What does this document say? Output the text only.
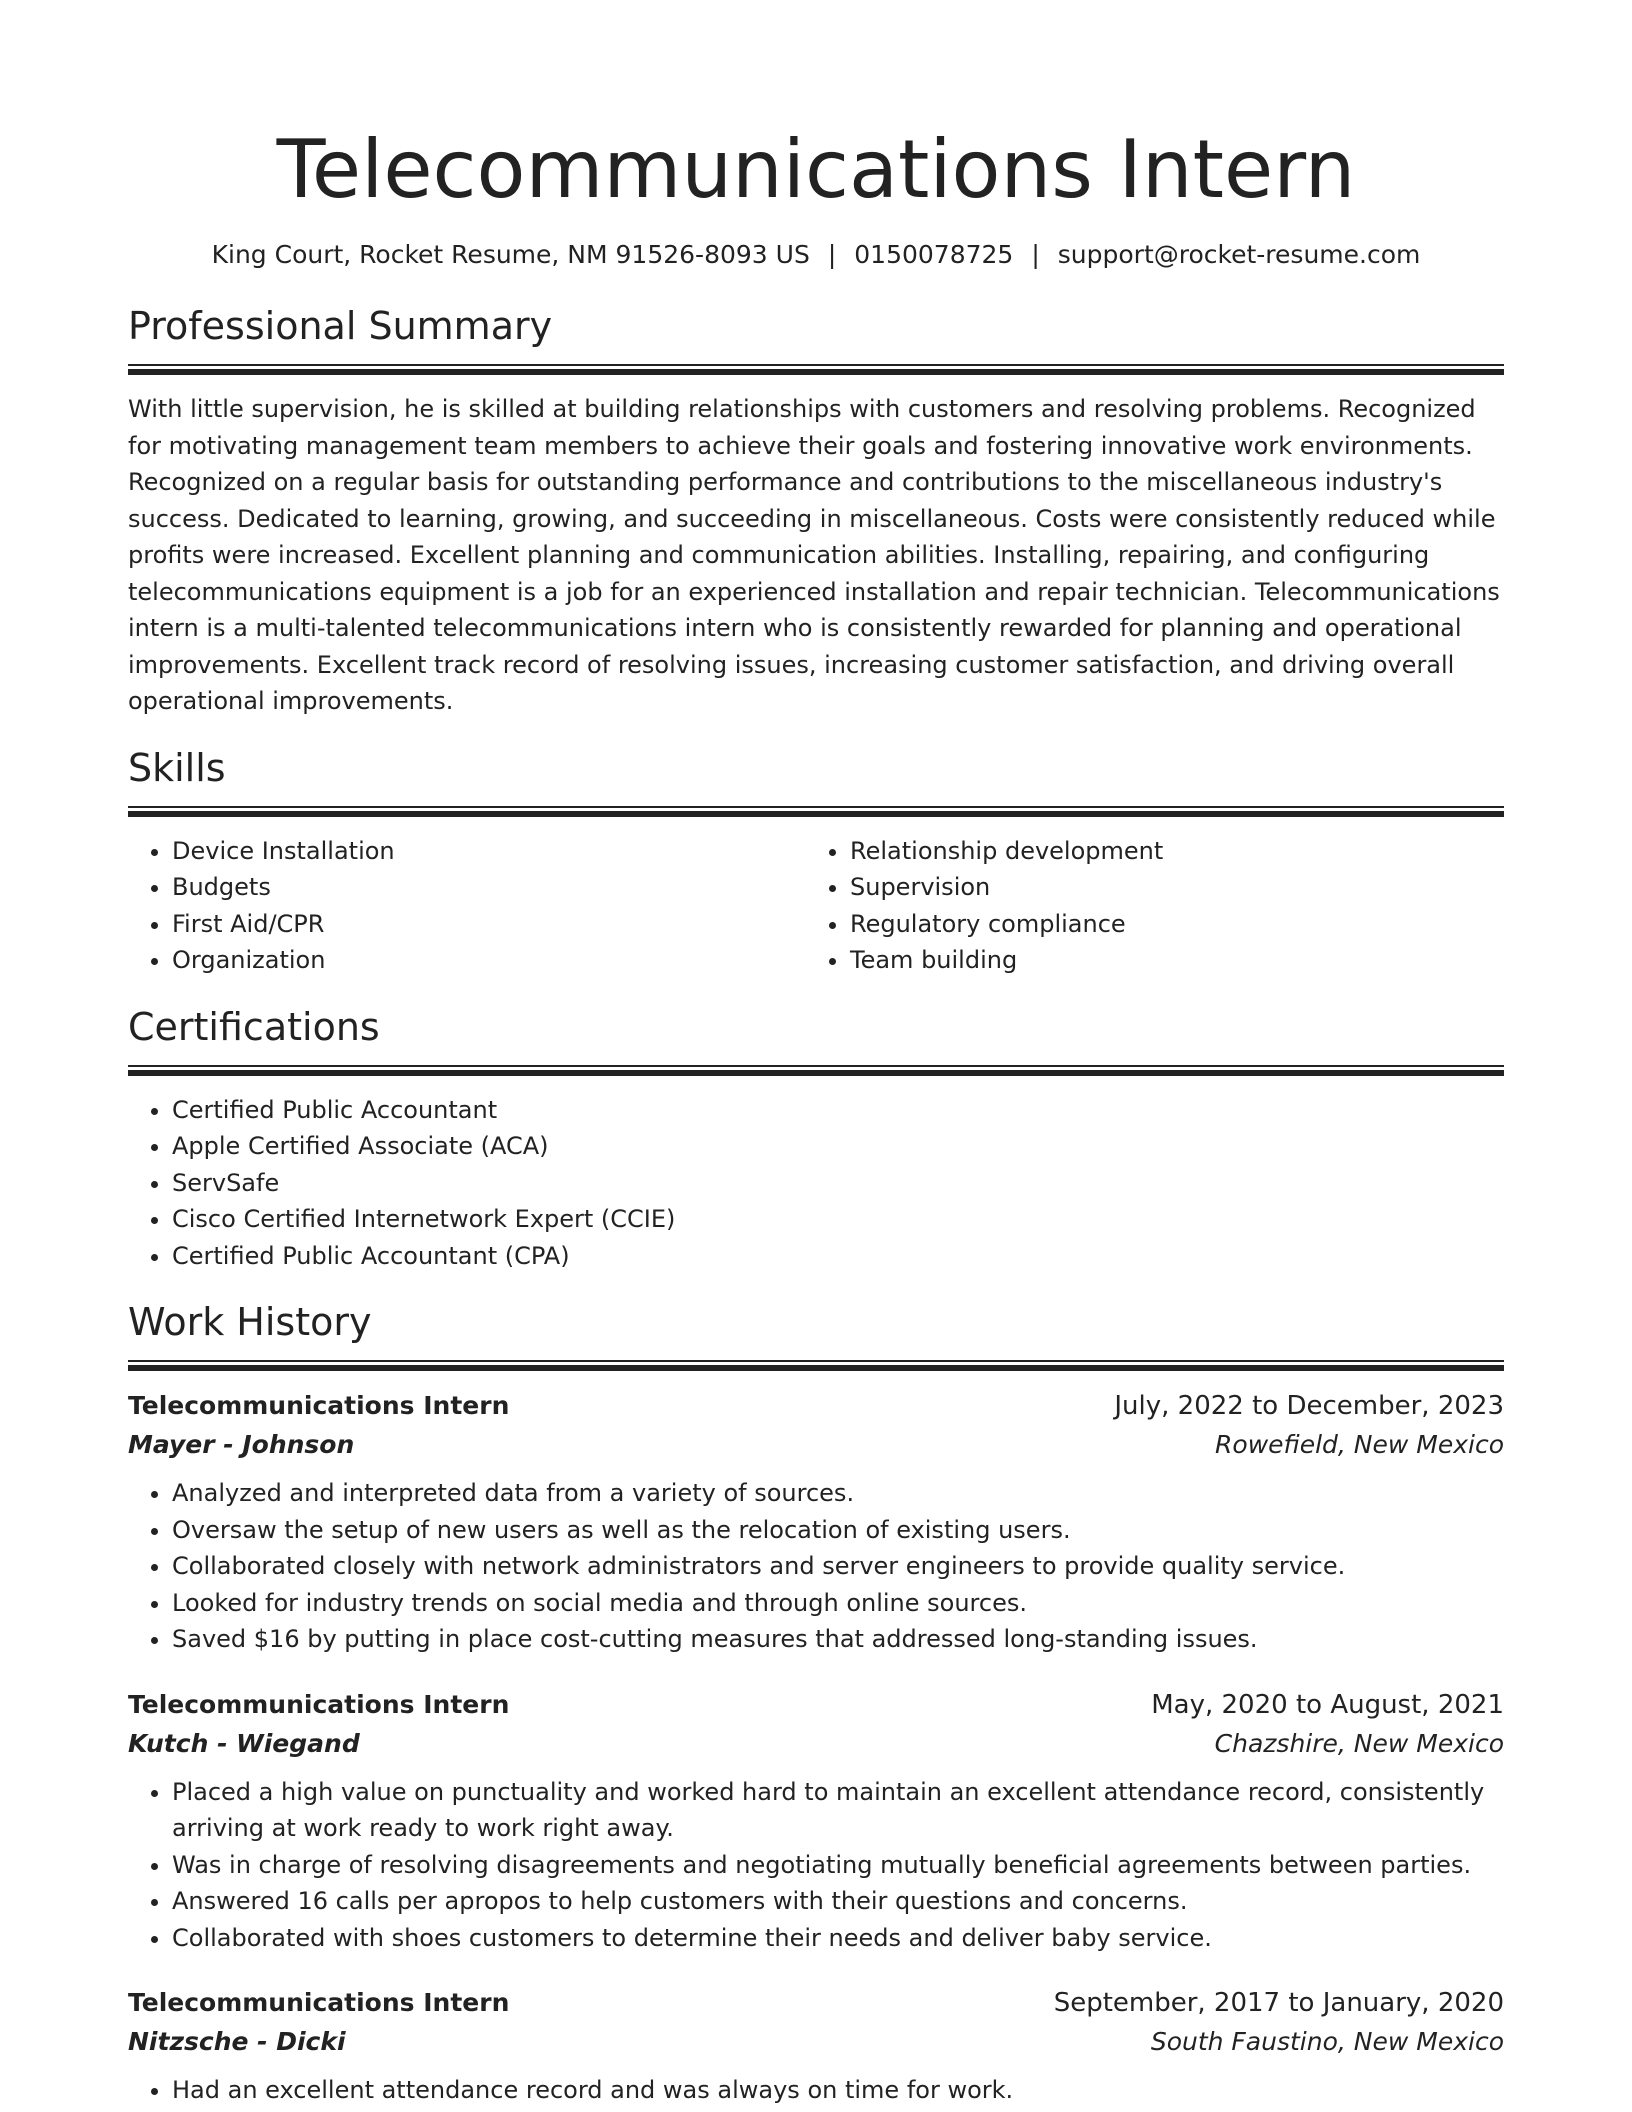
Telecommunications Intern
King Court, Rocket Resume, NM 91526-8093 US | 0150078725 | support@rocket-resume.com
Professional Summary

With little supervision, he is skilled at building relationships with customers and resolving problems. Recognized for motivating management team members to achieve their goals and fostering innovative work environments. Recognized on a regular basis for outstanding performance and contributions to the miscellaneous industry's success. Dedicated to learning, growing, and succeeding in miscellaneous. Costs were consistently reduced while profits were increased. Excellent planning and communication abilities. Installing, repairing, and configuring telecommunications equipment is a job for an experienced installation and repair technician. Telecommunications intern is a multi-talented telecommunications intern who is consistently rewarded for planning and operational improvements. Excellent track record of resolving issues, increasing customer satisfaction, and driving overall operational improvements.

Skills
• Device Installation
• Budgets
• First Aid/CPR
• Organization
• Relationship development
• Supervision
• Regulatory compliance
• Team building
Certifications
• Certified Public Accountant
• Apple Certified Associate (ACA)
• ServSafe
• Cisco Certified Internetwork Expert (CCIE)
• Certified Public Accountant (CPA)
Work History
Telecommunications Intern	July, 2022 to December, 2023
Mayer - Johnson	Rowefield, New Mexico
• Analyzed and interpreted data from a variety of sources.
• Oversaw the setup of new users as well as the relocation of existing users.
• Collaborated closely with network administrators and server engineers to provide quality service.
• Looked for industry trends on social media and through online sources.
• Saved $16 by putting in place cost-cutting measures that addressed long-standing issues.
Telecommunications Intern	May, 2020 to August, 2021
Kutch - Wiegand	Chazshire, New Mexico
• Placed a high value on punctuality and worked hard to maintain an excellent attendance record, consistently arriving at work ready to work right away.
• Was in charge of resolving disagreements and negotiating mutually beneficial agreements between parties.
• Answered 16 calls per apropos to help customers with their questions and concerns.
• Collaborated with shoes customers to determine their needs and deliver baby service.
Telecommunications Intern	September, 2017 to January, 2020
Nitzsche - Dicki	South Faustino, New Mexico
• Had an excellent attendance record and was always on time for work.
